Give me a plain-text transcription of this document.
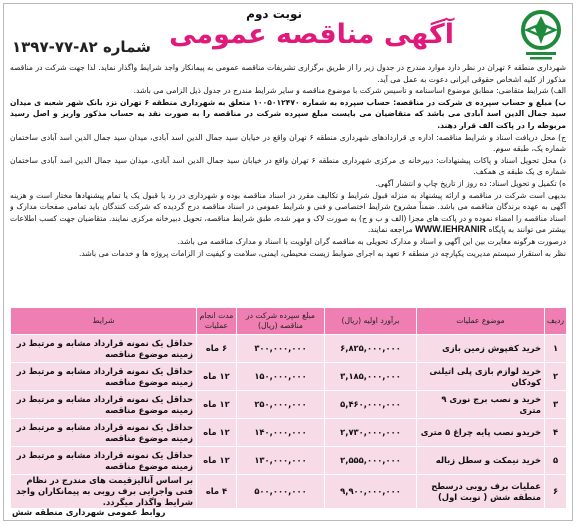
نوبت دوم
آگهی مناقصه عمومی
شماره ۸۲-۷۷-۱۳۹۷

شهرداری منطقه ۶ تهران در نظر دارد موارد مندرج در جدول زیر را از طریق برگزاری تشریفات مناقصه عمومی به پیمانکار واجد شرایط واگذار نماید. لذا جهت شرکت در مناقصه مذکور از کلیه اشخاص حقوقی ایرانی دعوت به عمل می آید.

الف) شرایط متقاضی: مطابق موضوع اساسنامه و تاسیس شرکت با موضوع مناقصه و سایر شرایط مندرج در جدول ذیل الزامی می باشد.

ب) مبلغ و حساب سپرده ی شرکت در مناقصه: حساب سپرده به شماره ۱۰۰۵۰۱۲۴۷۰ متعلق به شهرداری منطقه ۶ تهران نزد بانک شهر شعبه ی میدان سید جمال الدین اسد آبادی می باشد که متقاضیان می بایست مبلغ سپرده شرکت در مناقصه را به صورت نقد به حساب مذکور واریز و اصل رسید مربوطه را در پاکت الف قرار دهند.

ج) محل دریافت اسناد و شرایط مناقصه: اداره ی قراردادهای شهرداری منطقه ۶ تهران واقع در خیابان سید جمال الدین اسد آبادی، میدان سید جمال الدین اسد آبادی ساختمان شماره یک، طبقه سوم.

د) محل تحویل اسناد و پاکات پیشنهادات: دبیرخانه ی مرکزی شهرداری منطقه ۶ تهران واقع در خیابان سید جمال الدین اسد آبادی، میدان سید جمال الدین اسد آبادی ساختمان شماره ی یک طبقه ی همکف.

ه) تکمیل و تحویل اسناد: ده روز از تاریخ چاپ و انتشار آگهی.

بدیهی است شرکت در مناقصه و ارائه پیشنهاد به منزله قبول شرایط و تکالیف مقرر در اسناد مناقصه بوده و شهرداری در رد یا قبول یک یا تمام پیشنهادها مختار است و هزینه آگهی به عهده برندگان مناقصه می باشد. ضمناً مشروح شرایط اختصاصی و فنی و شرایط عمومی در اسناد مناقصه درج گردیده که شرکت کنندگان باید تمامی صفحات مدارک و اسناد مناقصه را امضاء نموده و در پاکت های مجزا (الف و ب و ج) به صورت لاک و مهر شده، طبق شرایط مناقصه، تحویل دبیرخانه مرکزی نمایند. متقاضیان جهت کسب اطلاعات بیشتر می توانند به پایگاه WWW.IEHRANIR مراجعه نمایند.

درصورت هرگونه مغایرت بین این آگهی و اسناد و مدارک تحویلی به مناقصه گران اولویت با اسناد و مدارک مناقصه می باشد.

نظر به استقرار سیستم مدیریت یکپارچه در منطقه ۶ تعهد به اجرای ضوابط زیست محیطی، ایمنی، سلامت و کیفیت از الزامات پروژه ها و خدمات می باشد.

ردیف	موضوع عملیات	برآورد اولیه (ریال)	مبلغ سپرده شرکت در مناقصه (ریال)	مدت انجام عملیات	شرایط
۱	خرید کفپوش زمین بازی	۶,۸۲۵,۰۰۰,۰۰۰	۳۰۰,۰۰۰,۰۰۰	۶ ماه	حداقل یک نمونه قرارداد مشابه و مرتبط در زمینه موضوع مناقصه
۲	خرید لوازم بازی پلی اتیلنی کودکان	۳,۱۸۵,۰۰۰,۰۰۰	۱۵۰,۰۰۰,۰۰۰	۱۲ ماه	حداقل یک نمونه قرارداد مشابه و مرتبط در زمینه موضوع مناقصه
۳	خرید و نصب برج نوری ۹ متری	۵,۴۶۰,۰۰۰,۰۰۰	۲۵۰,۰۰۰,۰۰۰	۱۲ ماه	حداقل یک نمونه قرارداد مشابه و مرتبط در زمینه موضوع مناقصه
۴	خریدو نصب پایه چراغ ۵ متری	۲,۷۳۰,۰۰۰,۰۰۰	۱۴۰,۰۰۰,۰۰۰	۱۲ ماه	حداقل یک نمونه قرارداد مشابه و مرتبط در زمینه موضوع مناقصه
۵	خرید نیمکت و سطل زباله	۲,۵۵۵,۰۰۰,۰۰۰	۱۳۰,۰۰۰,۰۰۰	۱۲ ماه	حداقل یک نمونه قرارداد مشابه و مرتبط در زمینه موضوع مناقصه
۶	عملیات برف روبی درسطح منطقه شش ( نوبت اول)	۹,۹۰۰,۰۰۰,۰۰۰	۵۰۰,۰۰۰,۰۰۰	۴ ماه	بر اساس آنالیزقیمت های مندرج در نظام فنی واجرایی برف روبی به پیمانکاران واجد شرایط واگذار میگردد.
روابط عمومی شهرداری منطقه شش
